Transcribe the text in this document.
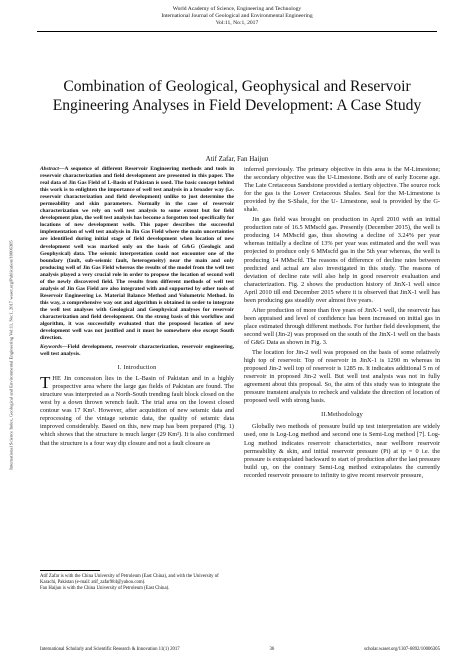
International Science Index, Geological and Environmental Engineering Vol:11, No:1, 2017 waset.org/Publication/10006305
World Academy of Science, Engineering and Technology
International Journal of Geological and Environmental Engineering
Vol:11, No:1, 2017
Combination of Geological, Geophysical and Reservoir Engineering Analyses in Field Development: A Case Study
Atif Zafar, Fan Haijun

Abstract—A sequence of different Reservoir Engineering methods and tools in reservoir characterization and field development are presented in this paper. The real data of Jin Gas Field of L-Basin of Pakistan is used. The basic concept behind this work is to enlighten the importance of well test analysis in a broader way (i.e. reservoir characterization and field development) unlike to just determine the permeability and skin parameters. Normally in the case of reservoir characterization we rely on well test analysis to some extent but for field development plan, the well test analysis has become a forgotten tool specifically for locations of new development wells. This paper describes the successful implementation of well test analysis in Jin Gas Field where the main uncertainties are identified during initial stage of field development when location of new development well was marked only on the basis of G&G (Geologic and Geophysical) data. The seismic interpretation could not encounter one of the boundary (fault, sub-seismic fault, heterogeneity) near the main and only producing well of Jin Gas Field whereas the results of the model from the well test analysis played a very crucial role in order to propose the location of second well of the newly discovered field. The results from different methods of well test analysis of Jin Gas Field are also integrated with and supported by other tools of Reservoir Engineering i.e. Material Balance Method and Volumetric Method. In this way, a comprehensive way out and algorithm is obtained in order to integrate the well test analyses with Geological and Geophysical analyses for reservoir characterization and field development. On the strong basis of this workflow and algorithm, it was successfully evaluated that the proposed location of new development well was not justified and it must be somewhere else except South direction.

Keywords—Field development, reservoir characterization, reservoir engineering, well test analysis.

I. Introduction

THE Jin concession lies in the L-Basin of Pakistan and in a highly prospective area where the large gas fields of Pakistan are found. The structure was interpreted as a North-South trending fault block closed on the west by a down thrown wrench fault. The trial area on the lowest closed contour was 17 Km². However, after acquisition of new seismic data and reprocessing of the vintage seismic data, the quality of seismic data improved considerably. Based on this, new map has been prepared (Fig. 1) which shows that the structure is much larger (29 Km²). It is also confirmed that the structure is a four way dip closure and not a fault closure as

Atif Zafar is with the China University of Petroleum (East China), and with the University of Karachi, Pakistan (e-mail: atif_zafar984@yahoo.com).
Fan Haijun is with the China University of Petroleum (East China).

inferred previously. The primary objective in this area is the M-Limestone; the secondary objective was the U-Limestone. Both are of early Eocene age. The Late Cretaceous Sandstone provided a tertiary objective. The source rock for the gas is the Lower Cretaceous Shales. Seal for the M-Limestone is provided by the S-Shale, for the U- Limestone, seal is provided by the G-shale.

Jin gas field was brought on production in April 2010 with an initial production rate of 16.5 MMscfd gas. Presently (December 2015), the well is producing 14 MMscfd gas, thus showing a decline of 3.24% per year whereas initially a decline of 13% per year was estimated and the well was projected to produce only 6 MMscfd gas in the 5th year whereas, the well is producing 14 MMscfd. The reasons of difference of decline rates between predicted and actual are also investigated in this study. The reasons of deviation of decline rate will also help in good reservoir evaluation and characterization. Fig. 2 shows the production history of JinX-1 well since April 2010 till end December 2015 where it is observed that JinX-1 well has been producing gas steadily over almost five years.

After production of more than five years of JinX-1 well, the reservoir has been appraised and level of confidence has been increased on initial gas in place estimated through different methods. For further field development, the second well (Jin-2) was proposed on the south of the JinX-1 well on the basis of G&G Data as shown in Fig. 3.

The location for Jin-2 well was proposed on the basis of some relatively high top of reservoir. Top of reservoir in JinX-1 is 1290 m whereas in proposed Jin-2 well top of reservoir is 1285 m. It indicates additional 5 m of reservoir in proposed Jin-2 well. But well test analysis was not in fully agreement about this proposal. So, the aim of this study was to integrate the pressure transient analysis to recheck and validate the direction of location of proposed well with strong basis.

II.Methodology

Globally two methods of pressure build up test interpretation are widely used, one is Log-Log method and second one is Semi-Log method [7]. Log-Log method indicates reservoir characteristics, near wellbore reservoir permeability & skin, and initial reservoir pressure (Pi) at tp = 0 i.e. the pressure is extrapolated backward to start of production after the last pressure build up, on the contrary Semi-Log method extrapolates the currently recorded reservoir pressure to infinity to give recent reservoir pressure,

International Scholarly and Scientific Research & Innovation 11(1) 2017	36	scholar.waset.org/1307-6892/10006305
